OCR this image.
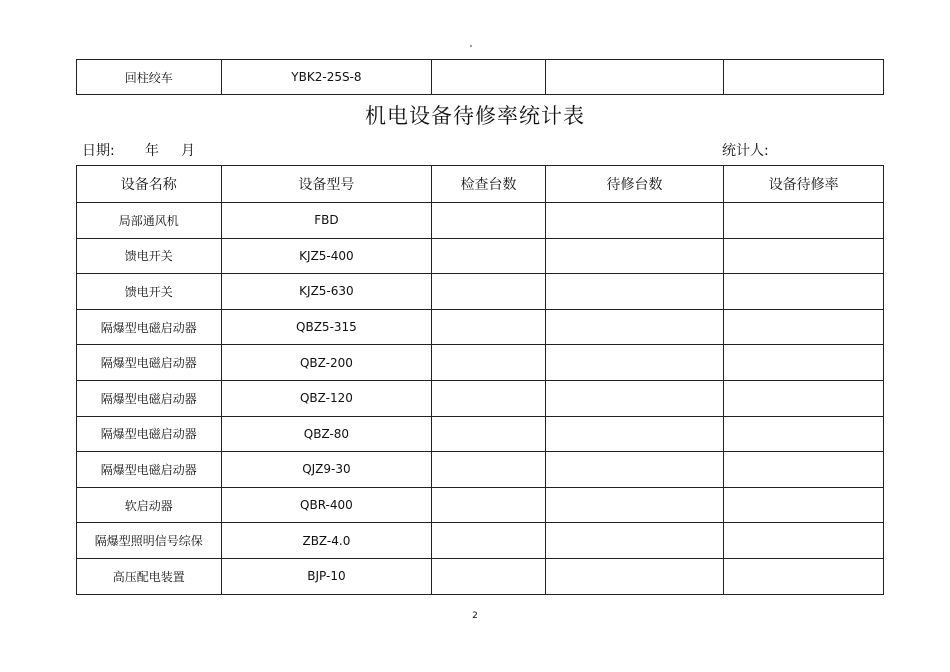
回柱绞车	YBK2-25S-8			
机电设备待修率统计表
日期: 年 月	统计人:
设备名称	设备型号	检查台数	待修台数	设备待修率
局部通风机	FBD			
馈电开关	KJZ5-400			
馈电开关	KJZ5-630			
隔爆型电磁启动器	QBZ5-315			
隔爆型电磁启动器	QBZ-200			
隔爆型电磁启动器	QBZ-120			
隔爆型电磁启动器	QBZ-80			
隔爆型电磁启动器	QJZ9-30			
软启动器	QBR-400			
隔爆型照明信号综保	ZBZ-4.0			
高压配电装置	BJP-10			
2
